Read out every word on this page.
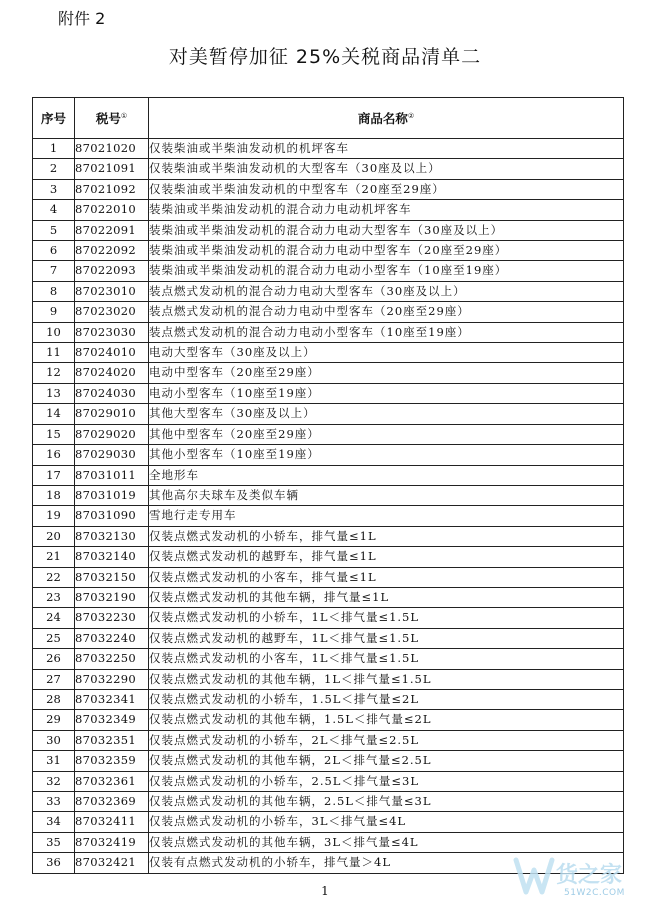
附件 2
对美暂停加征 25%关税商品清单二
序号	税号①	商品名称②
1	87021020	仅装柴油或半柴油发动机的机坪客车
2	87021091	仅装柴油或半柴油发动机的大型客车（30座及以上）
3	87021092	仅装柴油或半柴油发动机的中型客车（20座至29座）
4	87022010	装柴油或半柴油发动机的混合动力电动机坪客车
5	87022091	装柴油或半柴油发动机的混合动力电动大型客车（30座及以上）
6	87022092	装柴油或半柴油发动机的混合动力电动中型客车（20座至29座）
7	87022093	装柴油或半柴油发动机的混合动力电动小型客车（10座至19座）
8	87023010	装点燃式发动机的混合动力电动大型客车（30座及以上）
9	87023020	装点燃式发动机的混合动力电动中型客车（20座至29座）
10	87023030	装点燃式发动机的混合动力电动小型客车（10座至19座）
11	87024010	电动大型客车（30座及以上）
12	87024020	电动中型客车（20座至29座）
13	87024030	电动小型客车（10座至19座）
14	87029010	其他大型客车（30座及以上）
15	87029020	其他中型客车（20座至29座）
16	87029030	其他小型客车（10座至19座）
17	87031011	全地形车
18	87031019	其他高尔夫球车及类似车辆
19	87031090	雪地行走专用车
20	87032130	仅装点燃式发动机的小轿车，排气量≤1L
21	87032140	仅装点燃式发动机的越野车，排气量≤1L
22	87032150	仅装点燃式发动机的小客车，排气量≤1L
23	87032190	仅装点燃式发动机的其他车辆，排气量≤1L
24	87032230	仅装点燃式发动机的小轿车，1L＜排气量≤1.5L
25	87032240	仅装点燃式发动机的越野车，1L＜排气量≤1.5L
26	87032250	仅装点燃式发动机的小客车，1L＜排气量≤1.5L
27	87032290	仅装点燃式发动机的其他车辆，1L＜排气量≤1.5L
28	87032341	仅装点燃式发动机的小轿车，1.5L＜排气量≤2L
29	87032349	仅装点燃式发动机的其他车辆，1.5L＜排气量≤2L
30	87032351	仅装点燃式发动机的小轿车，2L＜排气量≤2.5L
31	87032359	仅装点燃式发动机的其他车辆，2L＜排气量≤2.5L
32	87032361	仅装点燃式发动机的小轿车，2.5L＜排气量≤3L
33	87032369	仅装点燃式发动机的其他车辆，2.5L＜排气量≤3L
34	87032411	仅装点燃式发动机的小轿车，3L＜排气量≤4L
35	87032419	仅装点燃式发动机的其他车辆，3L＜排气量≤4L
36	87032421	仅装有点燃式发动机的小轿车，排气量＞4L
1
货之家
51W2C.COM
